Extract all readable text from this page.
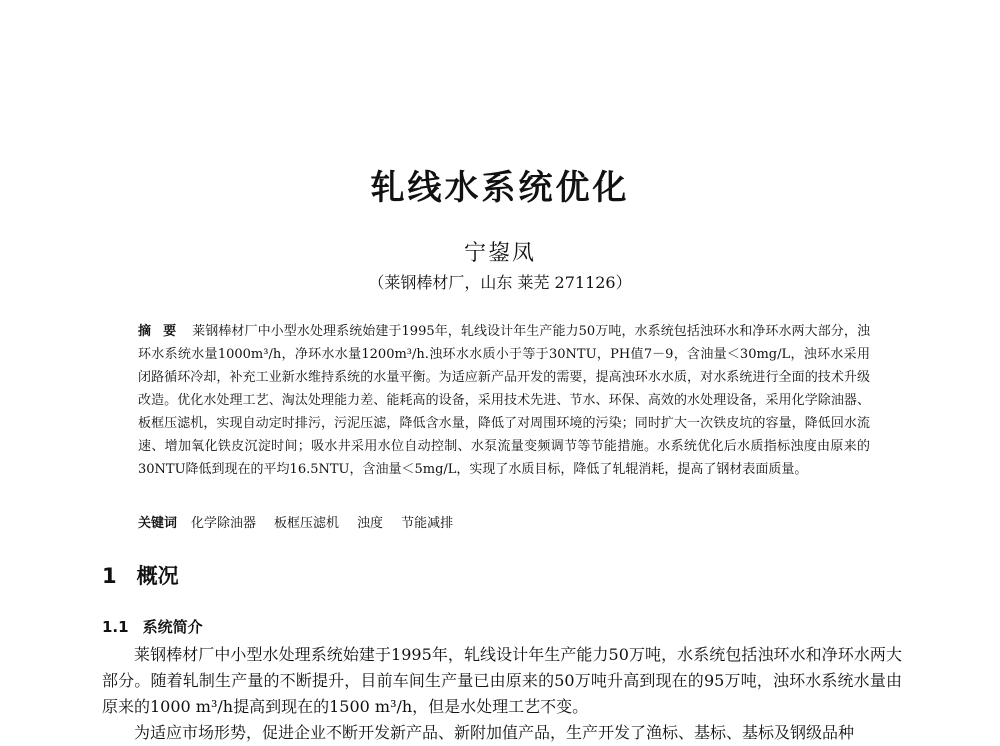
轧线水系统优化
宁鋆凤
（莱钢棒材厂，山东 莱芜 271126）

摘要 莱钢棒材厂中小型水处理系统始建于1995年，轧线设计年生产能力50万吨，水系统包括浊环水和净环水两大部分，浊环水系统水量1000m³/h，净环水水量1200m³/h.浊环水水质小于等于30NTU，PH值7－9，含油量＜30mg/L，浊环水采用闭路循环冷却，补充工业新水维持系统的水量平衡。为适应新产品开发的需要，提高浊环水水质，对水系统进行全面的技术升级改造。优化水处理工艺、淘汰处理能力差、能耗高的设备，采用技术先进、节水、环保、高效的水处理设备，采用化学除油器、板框压滤机，实现自动定时排污，污泥压滤，降低含水量，降低了对周围环境的污染；同时扩大一次铁皮坑的容量，降低回水流速、增加氧化铁皮沉淀时间；吸水井采用水位自动控制、水泵流量变频调节等节能措施。水系统优化后水质指标浊度由原来的30NTU降低到现在的平均16.5NTU，含油量＜5mg/L，实现了水质目标，降低了轧辊消耗，提高了钢材表面质量。

关键词 化学除油器 板框压滤机 浊度 节能减排

1 概况
1.1 系统简介

莱钢棒材厂中小型水处理系统始建于1995年，轧线设计年生产能力50万吨，水系统包括浊环水和净环水两大部分。随着轧制生产量的不断提升，目前车间生产量已由原来的50万吨升高到现在的95万吨，浊环水系统水量由原来的1000 m³/h提高到现在的1500 m³/h，但是水处理工艺不变。

为适应市场形势，促进企业不断开发新产品、新附加值产品，生产开发了渔标、基标、基标及钢级品种
